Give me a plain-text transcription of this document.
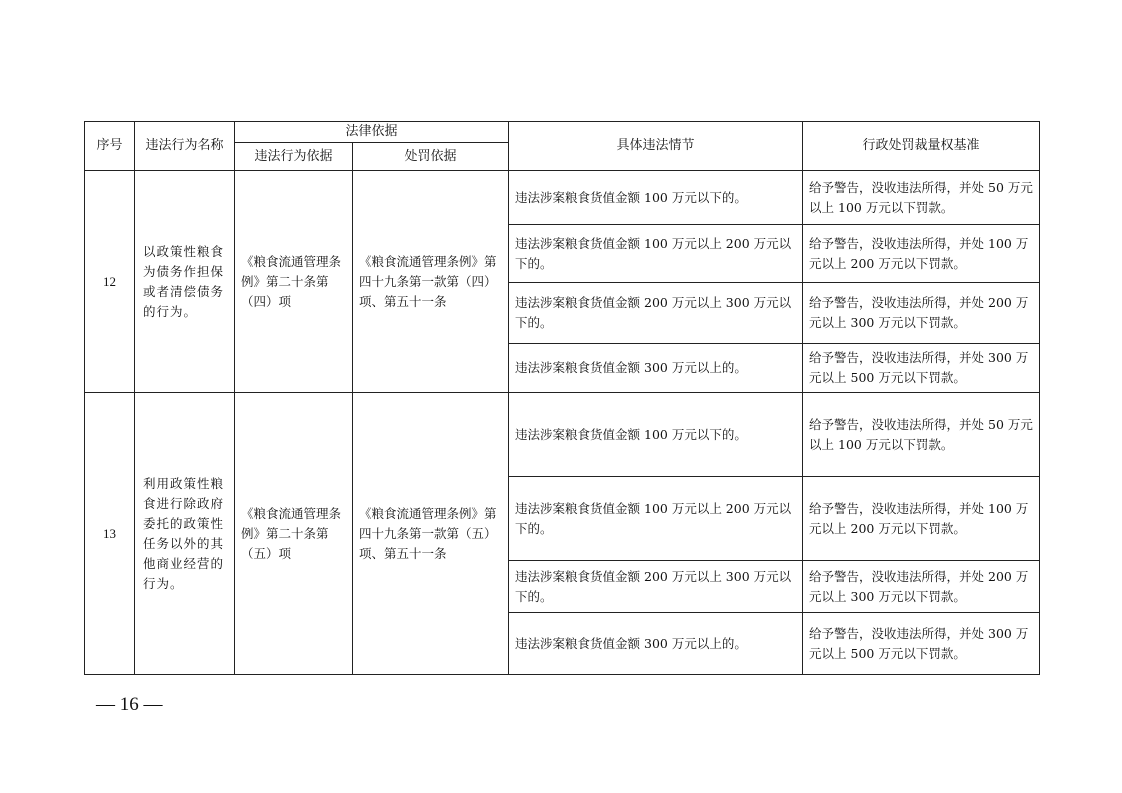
序号	违法行为名称	法律依据		具体违法情节	行政处罚裁量权基准
		违法行为依据	处罚依据		
12	以政策性粮食为债务作担保或者清偿债务的行为。	《粮食流通管理条例》第二十条第（四）项	《粮食流通管理条例》第四十九条第一款第（四）项、第五十一条	违法涉案粮食货值金额 100 万元以下的。	给予警告，没收违法所得，并处 50 万元以上 100 万元以下罚款。
				违法涉案粮食货值金额 100 万元以上 200 万元以下的。	给予警告，没收违法所得，并处 100 万元以上 200 万元以下罚款。
				违法涉案粮食货值金额 200 万元以上 300 万元以下的。	给予警告，没收违法所得，并处 200 万元以上 300 万元以下罚款。
				违法涉案粮食货值金额 300 万元以上的。	给予警告，没收违法所得，并处 300 万元以上 500 万元以下罚款。
13	利用政策性粮食进行除政府委托的政策性任务以外的其他商业经营的行为。	《粮食流通管理条例》第二十条第（五）项	《粮食流通管理条例》第四十九条第一款第（五）项、第五十一条	违法涉案粮食货值金额 100 万元以下的。	给予警告，没收违法所得，并处 50 万元以上 100 万元以下罚款。
				违法涉案粮食货值金额 100 万元以上 200 万元以下的。	给予警告，没收违法所得，并处 100 万元以上 200 万元以下罚款。
				违法涉案粮食货值金额 200 万元以上 300 万元以下的。	给予警告，没收违法所得，并处 200 万元以上 300 万元以下罚款。
				违法涉案粮食货值金额 300 万元以上的。	给予警告，没收违法所得，并处 300 万元以上 500 万元以下罚款。
— 16 —
